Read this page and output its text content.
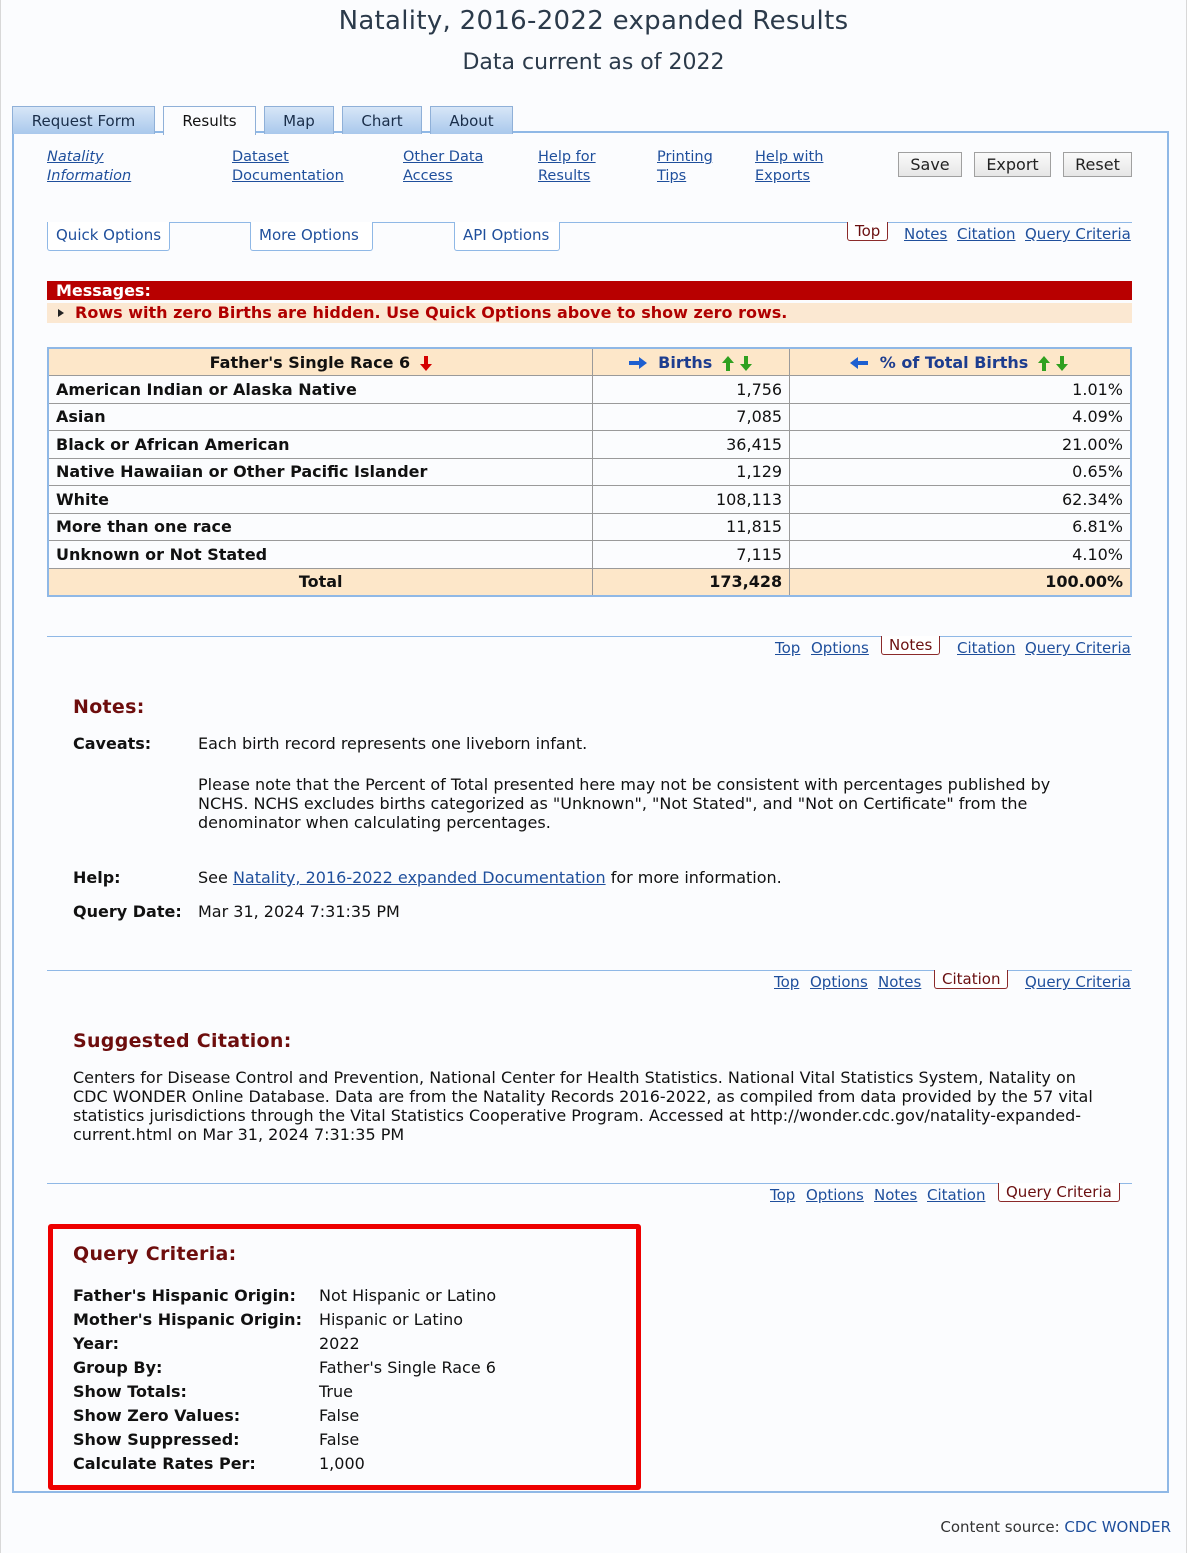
Natality, 2016-2022 expanded Results
Data current as of 2022
Request Form	Results	Map	Chart	About
Natality
Information
Dataset
Documentation
Other Data
Access
Help for
Results
Printing
Tips
Help with
Exports
Save	Export	Reset
Quick Options	More Options	API Options	Top	Notes Citation Query Criteria
Messages:
Rows with zero Births are hidden. Use Quick Options above to show zero rows.
Father's Single Race 6	Births	% of Total Births
American Indian or Alaska Native	1,756	1.01%
Asian	7,085	4.09%
Black or African American	36,415	21.00%
Native Hawaiian or Other Pacific Islander	1,129	0.65%
White	108,113	62.34%
More than one race	11,815	6.81%
Unknown or Not Stated	7,115	4.10%
Total	173,428	100.00%
Top Options	Notes	Citation Query Criteria
Notes:
Caveats:	Each birth record represents one liveborn infant.
Please note that the Percent of Total presented here may not be consistent with percentages published by NCHS. NCHS excludes births categorized as "Unknown", "Not Stated", and "Not on Certificate" from the denominator when calculating percentages.
Help:	See Natality, 2016-2022 expanded Documentation for more information.
Query Date: Mar 31, 2024 7:31:35 PM
Top Options Notes	Citation	Query Criteria
Suggested Citation:
Centers for Disease Control and Prevention, National Center for Health Statistics. National Vital Statistics System, Natality on CDC WONDER Online Database. Data are from the Natality Records 2016-2022, as compiled from data provided by the 57 vital statistics jurisdictions through the Vital Statistics Cooperative Program. Accessed at http://wonder.cdc.gov/natality-expanded-current.html on Mar 31, 2024 7:31:35 PM
Top Options Notes Citation	Query Criteria
Query Criteria:
Father's Hispanic Origin: Not Hispanic or Latino
Mother's Hispanic Origin: Hispanic or Latino
Year:	2022
Group By:	Father's Single Race 6
Show Totals:	True
Show Zero Values:	False
Show Suppressed:	False
Calculate Rates Per:	1,000
Content source: CDC WONDER
